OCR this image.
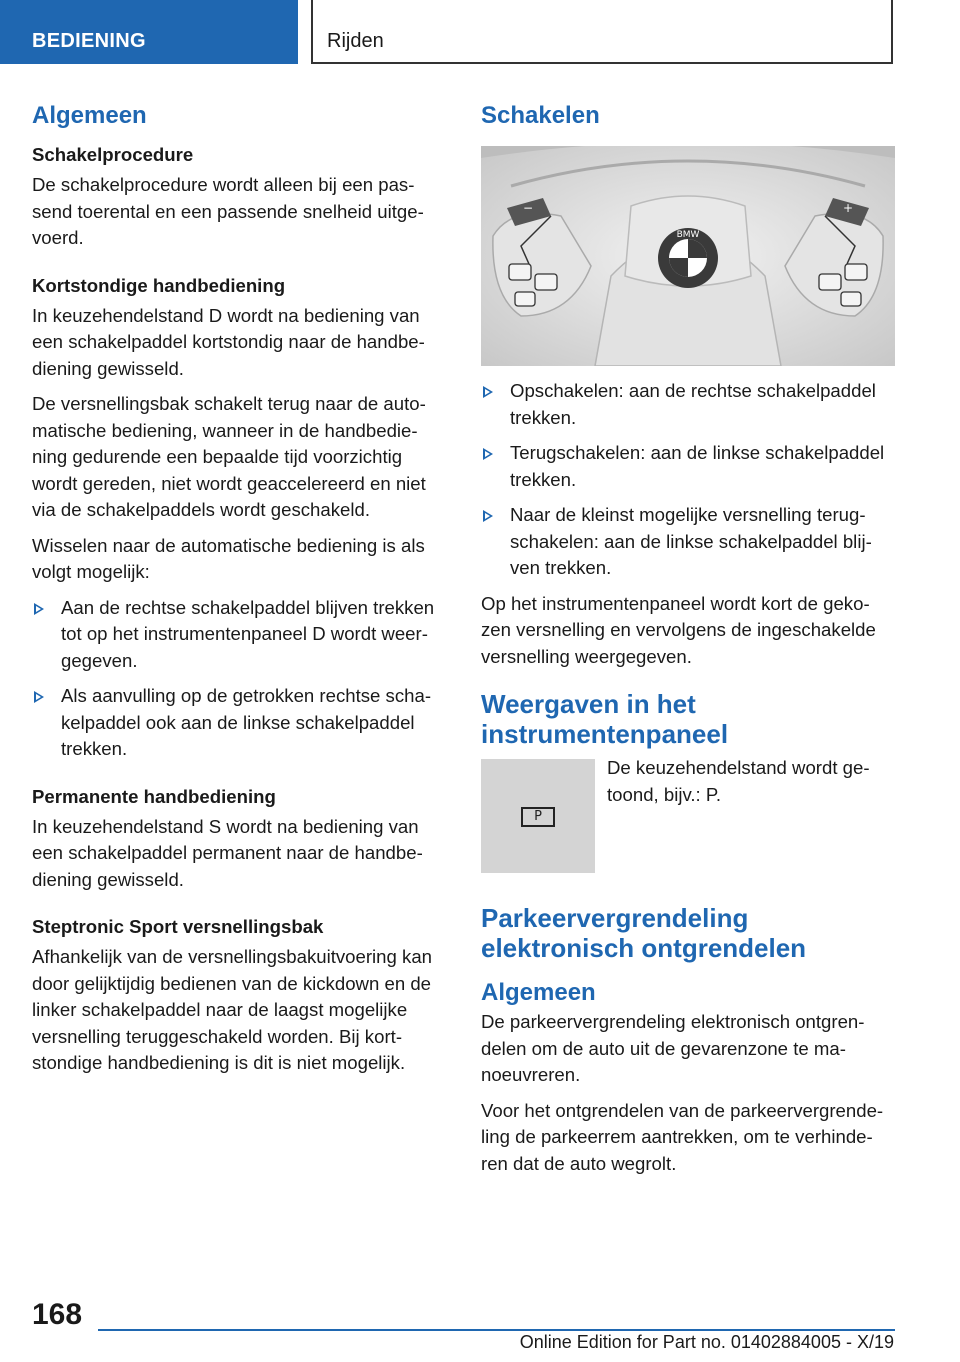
BEDIENING	Rijden
Algemeen
Schakelprocedure

De schakelprocedure wordt alleen bij een passend toerental en een passende snelheid uitgevoerd.

Kortstondige handbediening

In keuzehendelstand D wordt na bediening van een schakelpaddel kortstondig naar de handbediening gewisseld.

De versnellingsbak schakelt terug naar de automatische bediening, wanneer in de handbediening gedurende een bepaalde tijd voorzichtig wordt gereden, niet wordt geaccelereerd en niet via de schakelpaddels wordt geschakeld.

Wisselen naar de automatische bediening is als volgt mogelijk:

Aan de rechtse schakelpaddel blijven trekken tot op het instrumentenpaneel D wordt weergegeven.
Als aanvulling op de getrokken rechtse schakelpaddel ook aan de linkse schakelpaddel trekken.
Permanente handbediening

In keuzehendelstand S wordt na bediening van een schakelpaddel permanent naar de handbediening gewisseld.

Steptronic Sport versnellingsbak

Afhankelijk van de versnellingsbakuitvoering kan door gelijktijdig bedienen van de kickdown en de linker schakelpaddel naar de laagst mogelijke versnelling teruggeschakeld worden. Bij kortstondige handbediening is dit is niet mogelijk.

Schakelen
−	+
BMW
Opschakelen: aan de rechtse schakelpaddel trekken.
Terugschakelen: aan de linkse schakelpaddel trekken.
Naar de kleinst mogelijke versnelling terugschakelen: aan de linkse schakelpaddel blijven trekken.

Op het instrumentenpaneel wordt kort de gekozen versnelling en vervolgens de ingeschakelde versnelling weergegeven.

Weergaven in het instrumentenpaneel
P

De keuzehendelstand wordt getoond, bijv.: P.

Parkeervergrendeling elektronisch ontgrendelen
Algemeen

De parkeervergrendeling elektronisch ontgrendelen om de auto uit de gevarenzone te manoeuvreren.

Voor het ontgrendelen van de parkeervergrendeling de parkeerrem aantrekken, om te verhinderen dat de auto wegrolt.

168
Online Edition for Part no. 01402884005 - X/19
